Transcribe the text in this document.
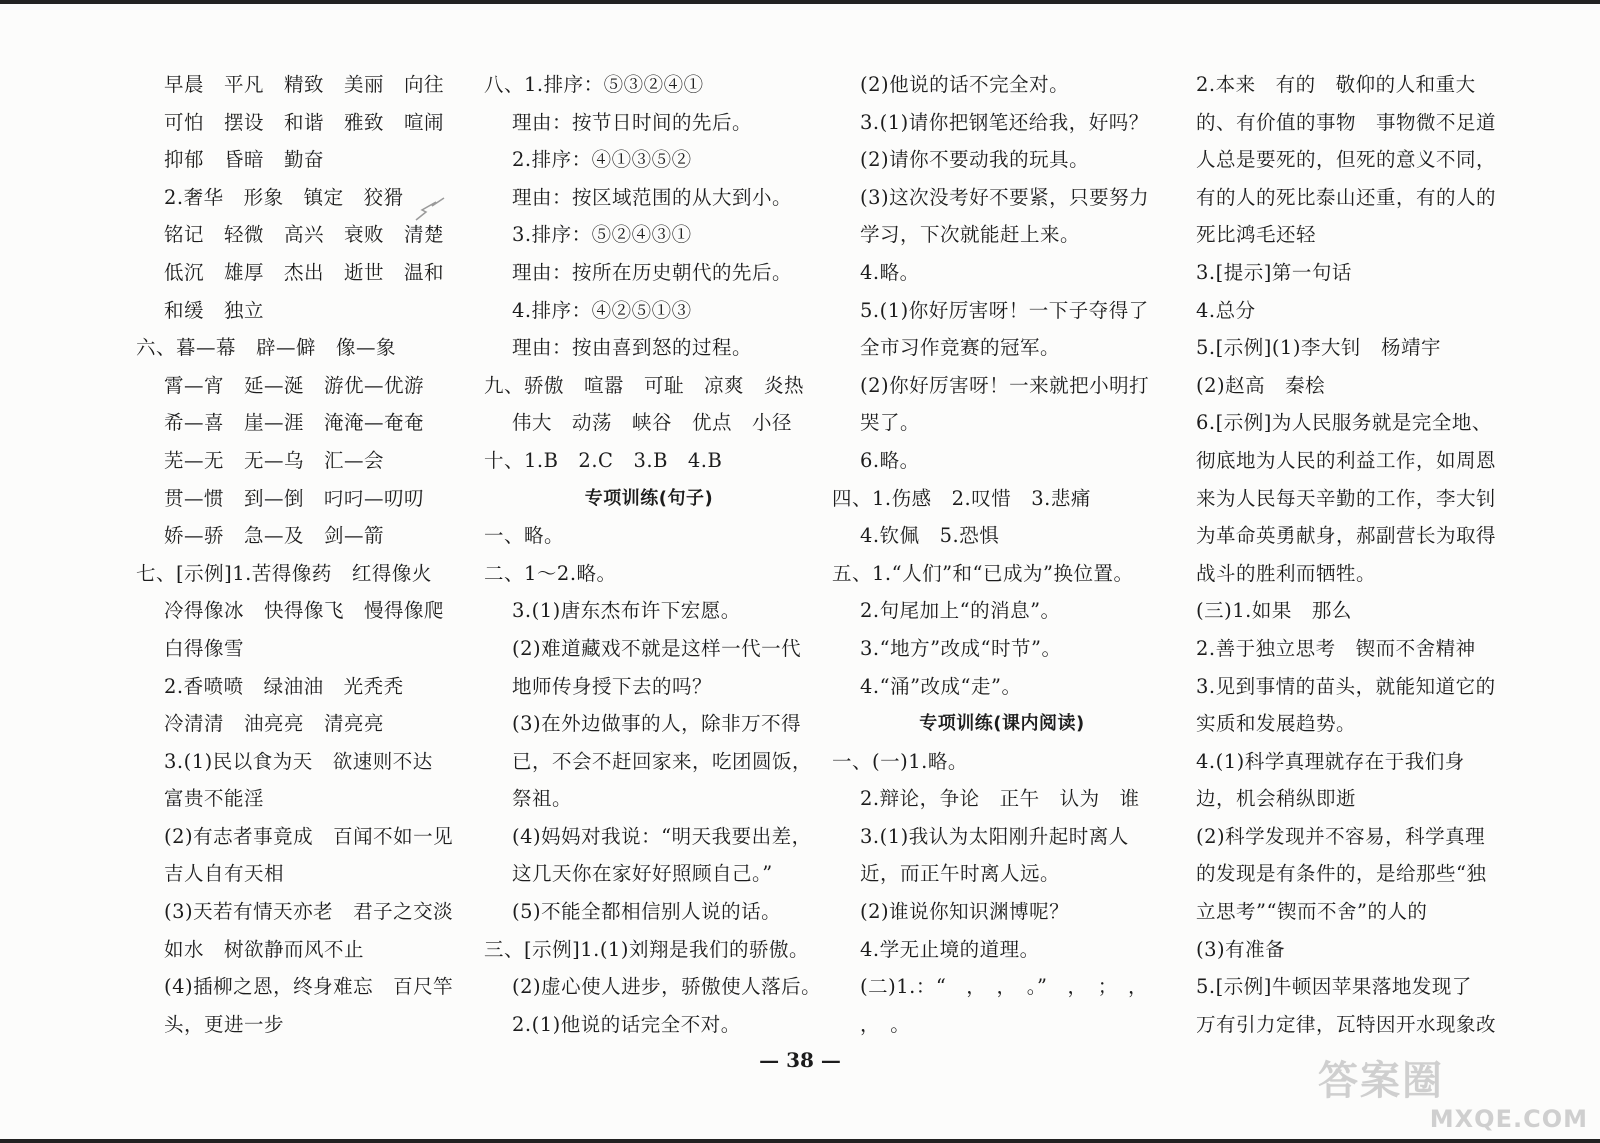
早晨　平凡　精致　美丽　向往
可怕　摆设　和谐　雅致　喧闹
抑郁　昏暗　勤奋
2.奢华　形象　镇定　狡猾
铭记　轻微　高兴　衰败　清楚
低沉　雄厚　杰出　逝世　温和
和缓　独立
六、暮—幕　辟—僻　像—象
霄—宵　延—涎　游优—优游
希—喜　崖—涯　淹淹—奄奄
芜—无　无—乌　汇—会
贯—惯　到—倒　叼叼—叨叨
娇—骄　急—及　剑—箭
七、[示例]1.苦得像药　红得像火
冷得像冰　快得像飞　慢得像爬
白得像雪
2.香喷喷　绿油油　光秃秃
冷清清　油亮亮　清亮亮
3.(1)民以食为天　欲速则不达
富贵不能淫
(2)有志者事竟成　百闻不如一见
吉人自有天相
(3)天若有情天亦老　君子之交淡
如水　树欲静而风不止
(4)插柳之恩，终身难忘　百尺竿
头，更进一步
八、1.排序：⑤③②④①
理由：按节日时间的先后。
2.排序：④①③⑤②
理由：按区域范围的从大到小。
3.排序：⑤②④③①
理由：按所在历史朝代的先后。
4.排序：④②⑤①③
理由：按由喜到怒的过程。
九、骄傲　喧嚣　可耻　凉爽　炎热
伟大　动荡　峡谷　优点　小径
十、1.B　2.C　3.B　4.B
专项训练(句子)
一、略。
二、1～2.略。
3.(1)唐东杰布许下宏愿。
(2)难道藏戏不就是这样一代一代
地师传身授下去的吗？
(3)在外边做事的人，除非万不得
已，不会不赶回家来，吃团圆饭，
祭祖。
(4)妈妈对我说：“明天我要出差，
这几天你在家好好照顾自己。”
(5)不能全都相信别人说的话。
三、[示例]1.(1)刘翔是我们的骄傲。
(2)虚心使人进步，骄傲使人落后。
2.(1)他说的话完全不对。
(2)他说的话不完全对。
3.(1)请你把钢笔还给我，好吗？
(2)请你不要动我的玩具。
(3)这次没考好不要紧，只要努力
学习，下次就能赶上来。
4.略。
5.(1)你好厉害呀！一下子夺得了
全市习作竞赛的冠军。
(2)你好厉害呀！一来就把小明打
哭了。
6.略。
四、1.伤感　2.叹惜　3.悲痛
4.钦佩　5.恐惧
五、1.“人们”和“已成为”换位置。
2.句尾加上“的消息”。
3.“地方”改成“时节”。
4.“涌”改成“走”。
专项训练(课内阅读)
一、(一)1.略。
2.辩论，争论　正午　认为　谁
3.(1)我认为太阳刚升起时离人
近，而正午时离人远。
(2)谁说你知识渊博呢？
4.学无止境的道理。
(二)1.：“　，　，　。”　，　；　，
，　。
2.本来　有的　敬仰的人和重大
的、有价值的事物　事物微不足道
人总是要死的，但死的意义不同，
有的人的死比泰山还重，有的人的
死比鸿毛还轻
3.[提示]第一句话
4.总分
5.[示例](1)李大钊　杨靖宇
(2)赵高　秦桧
6.[示例]为人民服务就是完全地、
彻底地为人民的利益工作，如周恩
来为人民每天辛勤的工作，李大钊
为革命英勇献身，郝副营长为取得
战斗的胜利而牺牲。
(三)1.如果　那么
2.善于独立思考　锲而不舍精神
3.见到事情的苗头，就能知道它的
实质和发展趋势。
4.(1)科学真理就存在于我们身
边，机会稍纵即逝
(2)科学发现并不容易，科学真理
的发现是有条件的，是给那些“独
立思考”“锲而不舍”的人的
(3)有准备
5.[示例]牛顿因苹果落地发现了
万有引力定律，瓦特因开水现象改
— 38 —	答案圈
MXQE.COM
